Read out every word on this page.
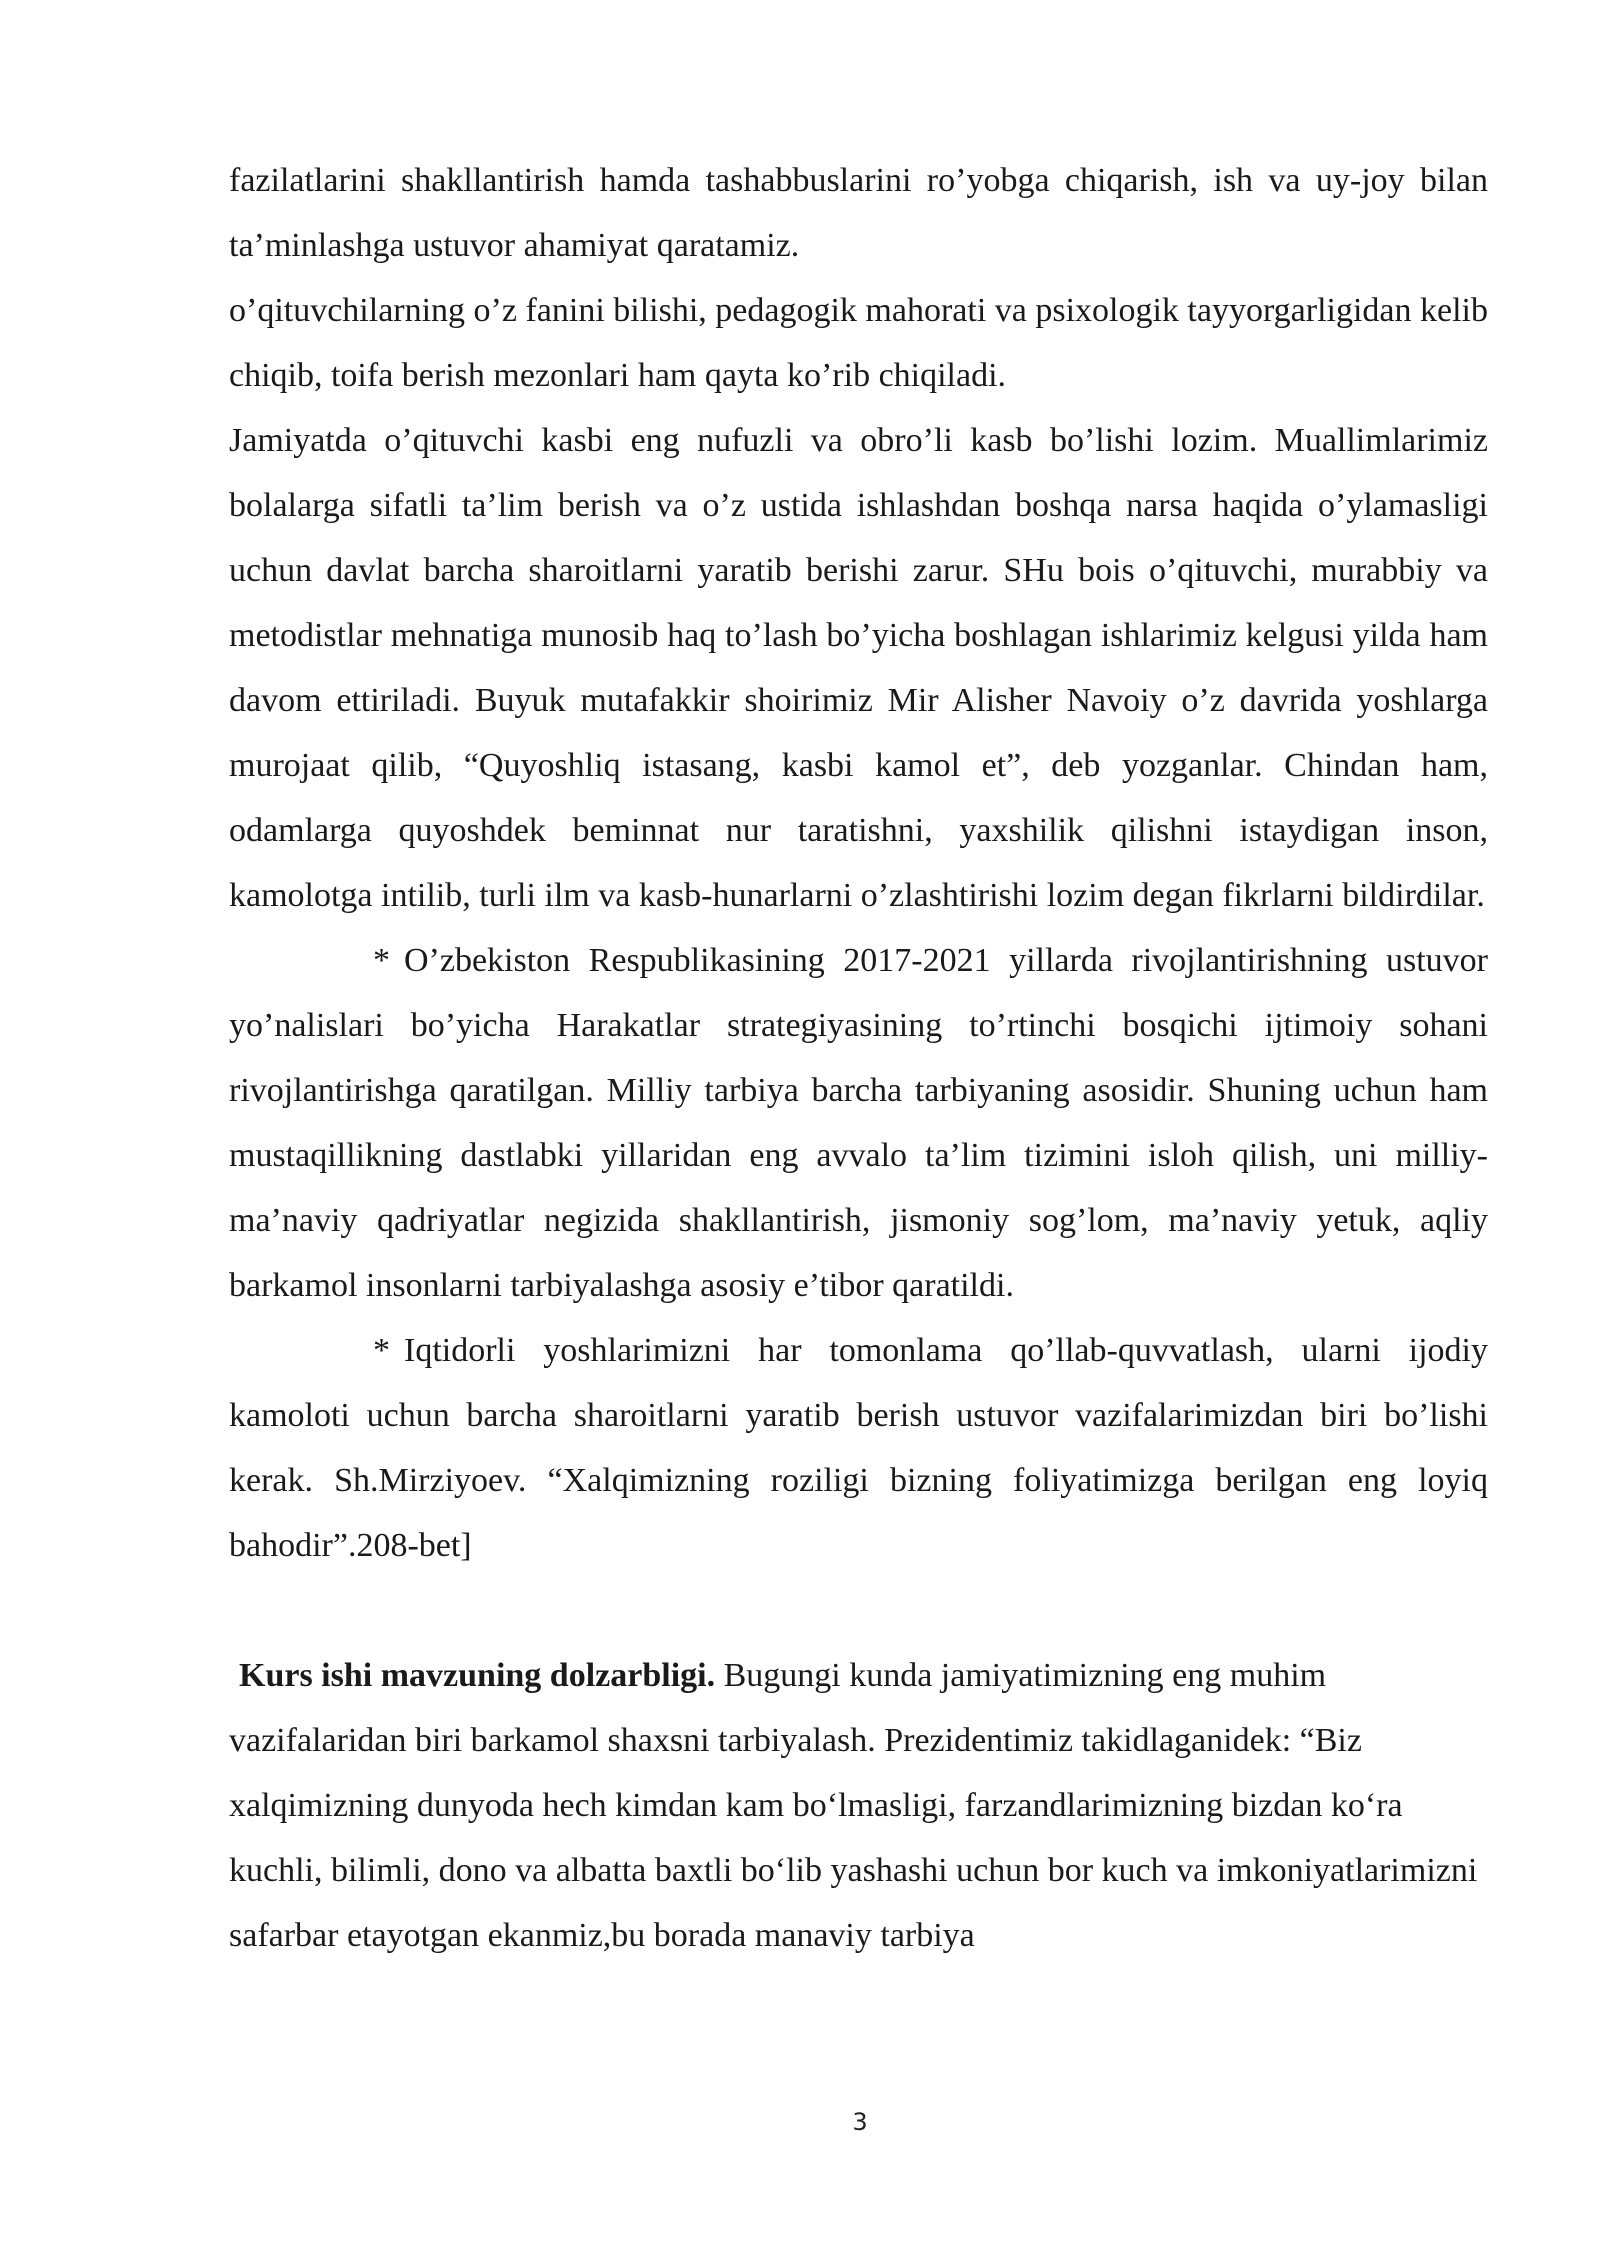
fazilatlarini shakllantirish hamda tashabbuslarini ro’yobga chiqarish, ish va uy-joy bilan ta’minlashga ustuvor ahamiyat qaratamiz.

o’qituvchilarning o’z fanini bilishi, pedagogik mahorati va psixologik tayyorgarligidan kelib chiqib, toifa berish mezonlari ham qayta ko’rib chiqiladi.

Jamiyatda o’qituvchi kasbi eng nufuzli va obro’li kasb bo’lishi lozim. Muallimlarimiz bolalarga sifatli ta’lim berish va o’z ustida ishlashdan boshqa narsa haqida o’ylamasligi uchun davlat barcha sharoitlarni yaratib berishi zarur. SHu bois o’qituvchi, murabbiy va metodistlar mehnatiga munosib haq to’lash bo’yicha boshlagan ishlarimiz kelgusi yilda ham davom ettiriladi. Buyuk mutafakkir shoirimiz Mir Alisher Navoiy o’z davrida yoshlarga murojaat qilib, “Quyoshliq istasang, kasbi kamol et”, deb yozganlar. Chindan ham, odamlarga quyoshdek beminnat nur taratishni, yaxshilik qilishni istaydigan inson, kamolotga intilib, turli ilm va kasb-hunarlarni o’zlashtirishi lozim degan fikrlarni bildirdilar.

* O’zbekiston Respublikasining 2017-2021 yillarda rivojlantirishning ustuvor yo’nalislari bo’yicha Harakatlar strategiyasining to’rtinchi bosqichi ijtimoiy sohani rivojlantirishga qaratilgan. Milliy tarbiya barcha tarbiyaning asosidir. Shuning uchun ham mustaqillikning dastlabki yillaridan eng avvalo ta’lim tizimini isloh qilish, uni milliy-ma’naviy qadriyatlar negizida shakllantirish, jismoniy sog’lom, ma’naviy yetuk, aqliy barkamol insonlarni tarbiyalashga asosiy e’tibor qaratildi.

* Iqtidorli yoshlarimizni har tomonlama qo’llab-quvvatlash, ularni ijodiy kamoloti uchun barcha sharoitlarni yaratib berish ustuvor vazifalarimizdan biri bo’lishi kerak. Sh.Mirziyoev. “Xalqimizning roziligi bizning foliyatimizga berilgan eng loyiq bahodir”.208-bet]

Kurs ishi mavzuning dolzarbligi. Bugungi kunda jamiyatimizning eng muhim vazifalaridan biri barkamol shaxsni tarbiyalash. Prezidentimiz takidlaganidek: “Biz xalqimizning dunyoda hech kimdan kam bo‘lmasligi, farzandlarimizning bizdan ko‘ra kuchli, bilimli, dono va albatta baxtli bo‘lib yashashi uchun bor kuch va imkoniyatlarimizni safarbar etayotgan ekanmiz,bu borada manaviy tarbiya

3
